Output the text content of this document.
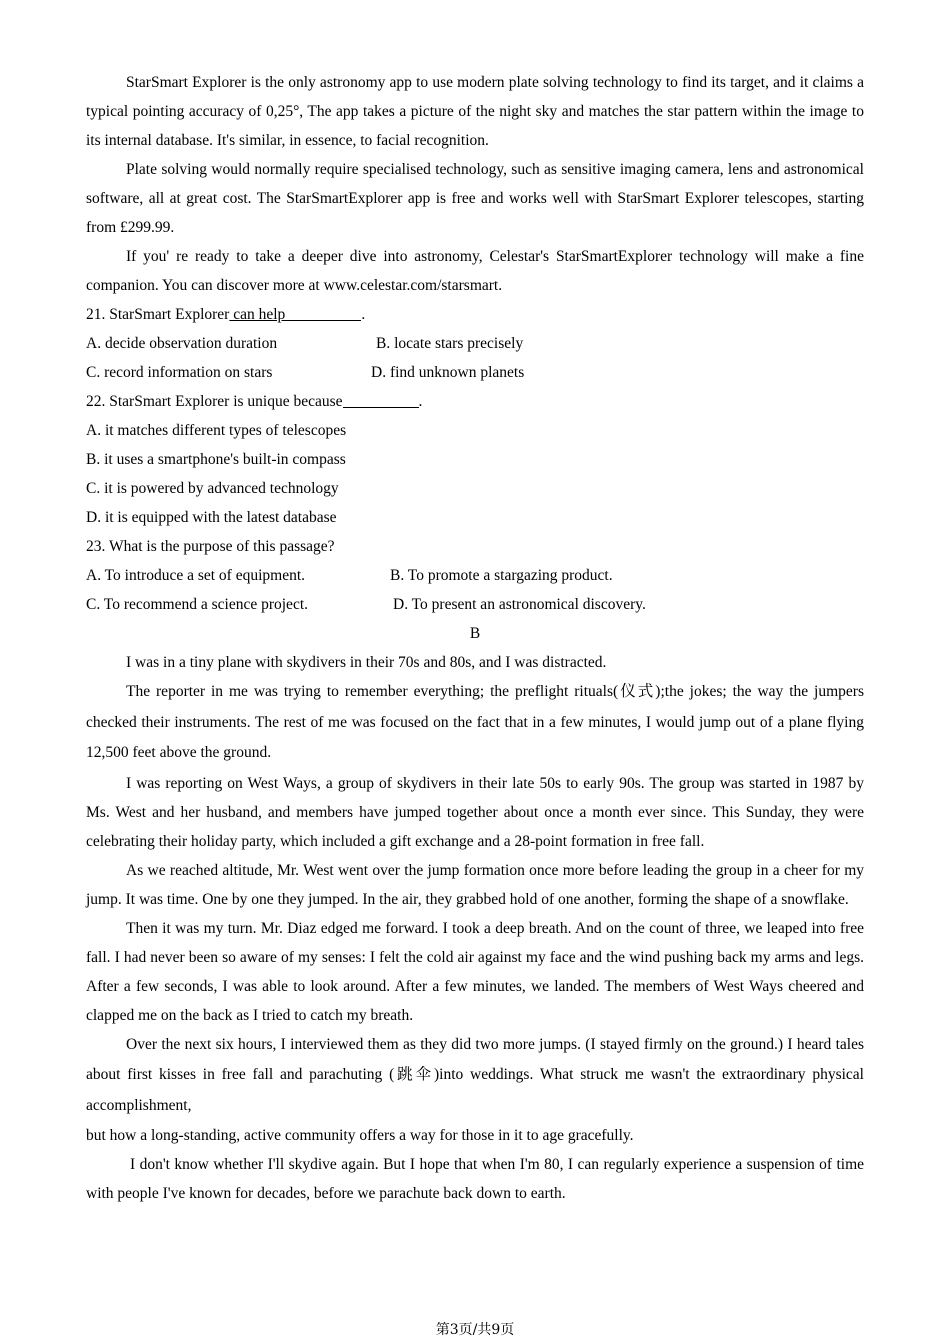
StarSmart Explorer is the only astronomy app to use modern plate solving technology to find its target, and it claims a typical pointing accuracy of 0,25°, The app takes a picture of the night sky and matches the star pattern within the image to its internal database. It's similar, in essence, to facial recognition.

Plate solving would normally require specialised technology, such as sensitive imaging camera, lens and astronomical software, all at great cost. The StarSmartExplorer app is free and works well with StarSmart Explorer telescopes, starting from £299.99.

If you' re ready to take a deeper dive into astronomy, Celestar's StarSmartExplorer technology will make a fine companion. You can discover more at www.celestar.com/starsmart.

21. StarSmart Explorer can help	.

A. decide observation duration	B. locate stars precisely
C. record information on stars	D. find unknown planets

22. StarSmart Explorer is unique because	.

A. it matches different types of telescopes

B. it uses a smartphone's built-in compass

C. it is powered by advanced technology

D. it is equipped with the latest database

23. What is the purpose of this passage?

A. To introduce a set of equipment.	B. To promote a stargazing product.
C. To recommend a science project.	D. To present an astronomical discovery.

B

I was in a tiny plane with skydivers in their 70s and 80s, and I was distracted.

The reporter in me was trying to remember everything; the preflight rituals(仪式);the jokes; the way the jumpers checked their instruments. The rest of me was focused on the fact that in a few minutes, I would jump out of a plane flying 12,500 feet above the ground.

I was reporting on West Ways, a group of skydivers in their late 50s to early 90s. The group was started in 1987 by Ms. West and her husband, and members have jumped together about once a month ever since. This Sunday, they were celebrating their holiday party, which included a gift exchange and a 28-point formation in free fall.

As we reached altitude, Mr. West went over the jump formation once more before leading the group in a cheer for my jump. It was time. One by one they jumped. In the air, they grabbed hold of one another, forming the shape of a snowflake.

Then it was my turn. Mr. Diaz edged me forward. I took a deep breath. And on the count of three, we leaped into free fall. I had never been so aware of my senses: I felt the cold air against my face and the wind pushing back my arms and legs. After a few seconds, I was able to look around. After a few minutes, we landed. The members of West Ways cheered and clapped me on the back as I tried to catch my breath.

Over the next six hours, I interviewed them as they did two more jumps. (I stayed firmly on the ground.) I heard tales about first kisses in free fall and parachuting (跳伞)into weddings. What struck me wasn't the extraordinary physical accomplishment,

but how a long-standing, active community offers a way for those in it to age gracefully.

I don't know whether I'll skydive again. But I hope that when I'm 80, I can regularly experience a suspension of time with people I've known for decades, before we parachute back down to earth.

第3页/共9页
